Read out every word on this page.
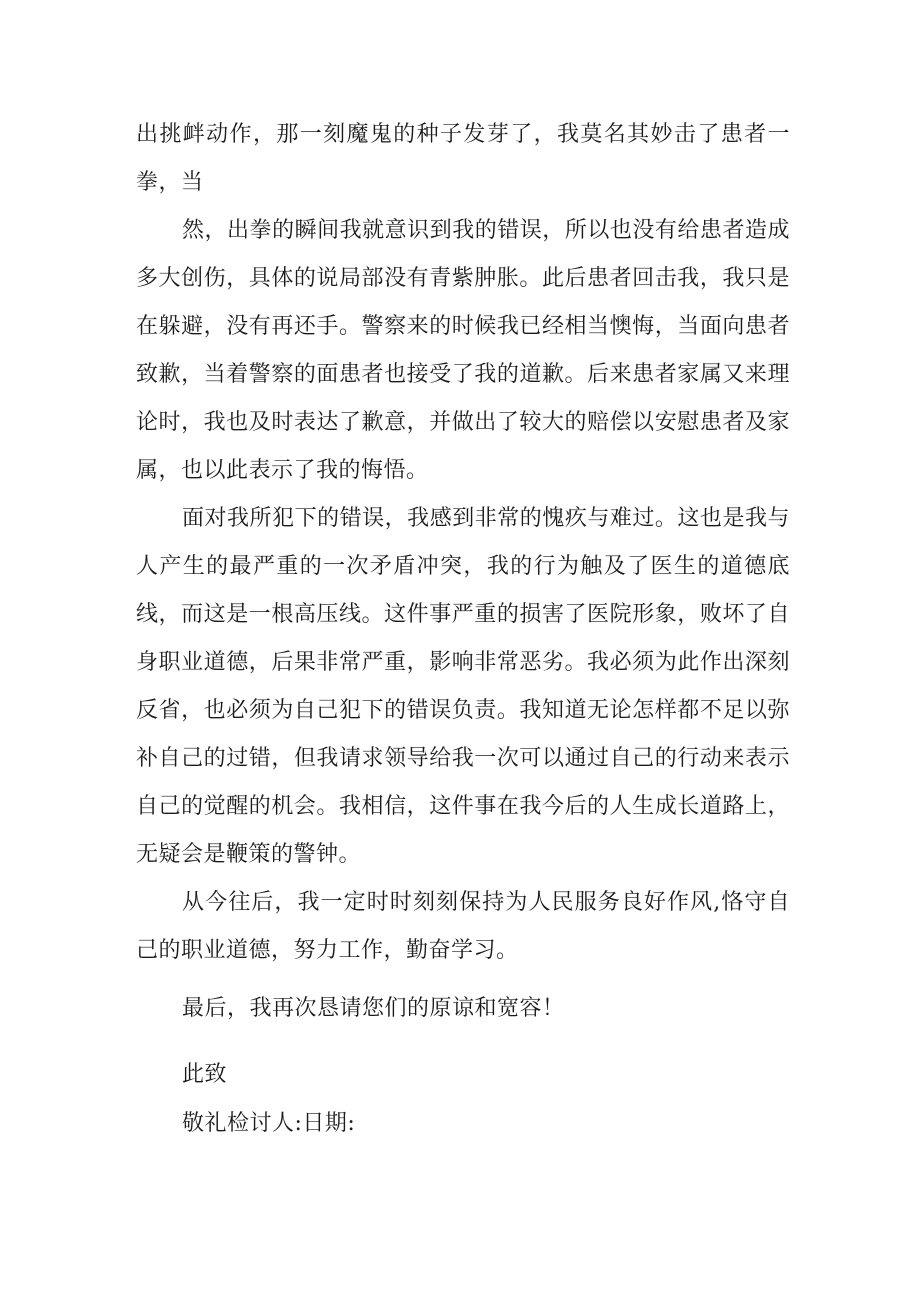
出挑衅动作，那一刻魔鬼的种子发芽了，我莫名其妙击了患者一拳，当

然，出拳的瞬间我就意识到我的错误，所以也没有给患者造成多大创伤，具体的说局部没有青紫肿胀。此后患者回击我，我只是在躲避，没有再还手。警察来的时候我已经相当懊悔，当面向患者致歉，当着警察的面患者也接受了我的道歉。后来患者家属又来理论时，我也及时表达了歉意，并做出了较大的赔偿以安慰患者及家属，也以此表示了我的悔悟。

面对我所犯下的错误，我感到非常的愧疚与难过。这也是我与人产生的最严重的一次矛盾冲突，我的行为触及了医生的道德底线，而这是一根高压线。这件事严重的损害了医院形象，败坏了自身职业道德，后果非常严重，影响非常恶劣。我必须为此作出深刻反省，也必须为自己犯下的错误负责。我知道无论怎样都不足以弥补自己的过错，但我请求领导给我一次可以通过自己的行动来表示自己的觉醒的机会。我相信，这件事在我今后的人生成长道路上，无疑会是鞭策的警钟。

从今往后，我一定时时刻刻保持为人民服务良好作风,恪守自己的职业道德，努力工作，勤奋学习。

最后，我再次恳请您们的原谅和宽容！

此致

敬礼检讨人:日期:
